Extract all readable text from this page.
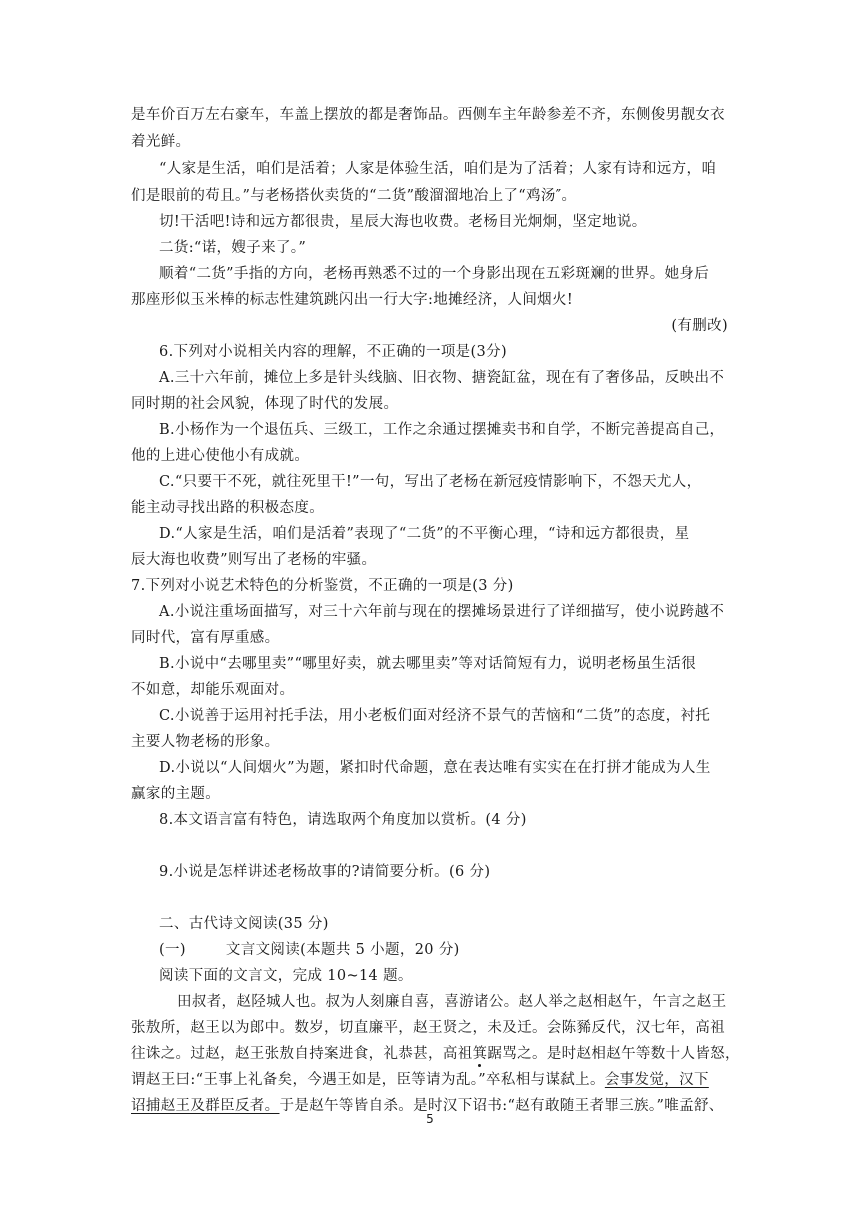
是车价百万左右豪车，车盖上摆放的都是奢饰品。西侧车主年龄参差不齐，东侧俊男靓女衣
着光鲜。
“人家是生活，咱们是活着；人家是体验生活，咱们是为了活着；人家有诗和远方，咱
们是眼前的苟且。”与老杨搭伙卖货的“二货”酸溜溜地冶上了“鸡汤″。
切!干活吧!诗和远方都很贵，星辰大海也收费。老杨目光炯炯，坚定地说。
二货:“诺，嫂子来了。”
顺着“二货”手指的方向，老杨再熟悉不过的一个身影出现在五彩斑斓的世界。她身后
那座形似玉米棒的标志性建筑跳闪出一行大字:地摊经济，人间烟火!
(有删改)
6.下列对小说相关内容的理解，不正确的一项是(3分)
A.三十六年前，摊位上多是针头线脑、旧衣物、搪瓷缸盆，现在有了奢侈品，反映出不
同时期的社会风貌，体现了时代的发展。
B.小杨作为一个退伍兵、三级工，工作之余通过摆摊卖书和自学，不断完善提高自己，
他的上进心使他小有成就。
C.“只要干不死，就往死里干!”一句，写出了老杨在新冠疫情影响下，不怨天尤人，
能主动寻找出路的积极态度。
D.“人家是生活，咱们是活着”表现了“二货”的不平衡心理，“诗和远方都很贵，星
辰大海也收费”则写出了老杨的牢骚。
7.下列对小说艺术特色的分析鉴赏，不正确的一项是(3 分)
A.小说注重场面描写，对三十六年前与现在的摆摊场景进行了详细描写，使小说跨越不
同时代，富有厚重感。
B.小说中“去哪里卖”“哪里好卖，就去哪里卖”等对话简短有力，说明老杨虽生活很
不如意，却能乐观面对。
C.小说善于运用衬托手法，用小老板们面对经济不景气的苦恼和“二货”的态度，衬托
主要人物老杨的形象。
D.小说以“人间烟火”为题，紧扣时代命题，意在表达唯有实实在在打拼才能成为人生
赢家的主题。
8.本文语言富有特色，请选取两个角度加以赏析。(4 分)
9.小说是怎样讲述老杨故事的?请简要分析。(6 分)
二、古代诗文阅读(35 分)
(一)	文言文阅读(本题共 5 小题，20 分)
阅读下面的文言文，完成 10~14 题。
田叔者，赵陉城人也。叔为人刻廉自喜，喜游诸公。赵人举之赵相赵午，午言之赵王
张敖所，赵王以为郎中。数岁，切直廉平，赵王贤之，未及迁。会陈豨反代，汉七年，高祖
往诛之。过赵，赵王张敖自持案进食，礼恭甚，高祖箕踞骂之。是时赵相赵午等数十人皆怒，
谓赵王曰:“王事上礼备矣，今遇王如是，臣等请为乱。”卒私相与谋弑上。会事发觉，汉下
诏捕赵王及群臣反者。于是赵午等皆自杀。是时汉下诏书:“赵有敢随王者罪三族。”唯孟舒、
5
